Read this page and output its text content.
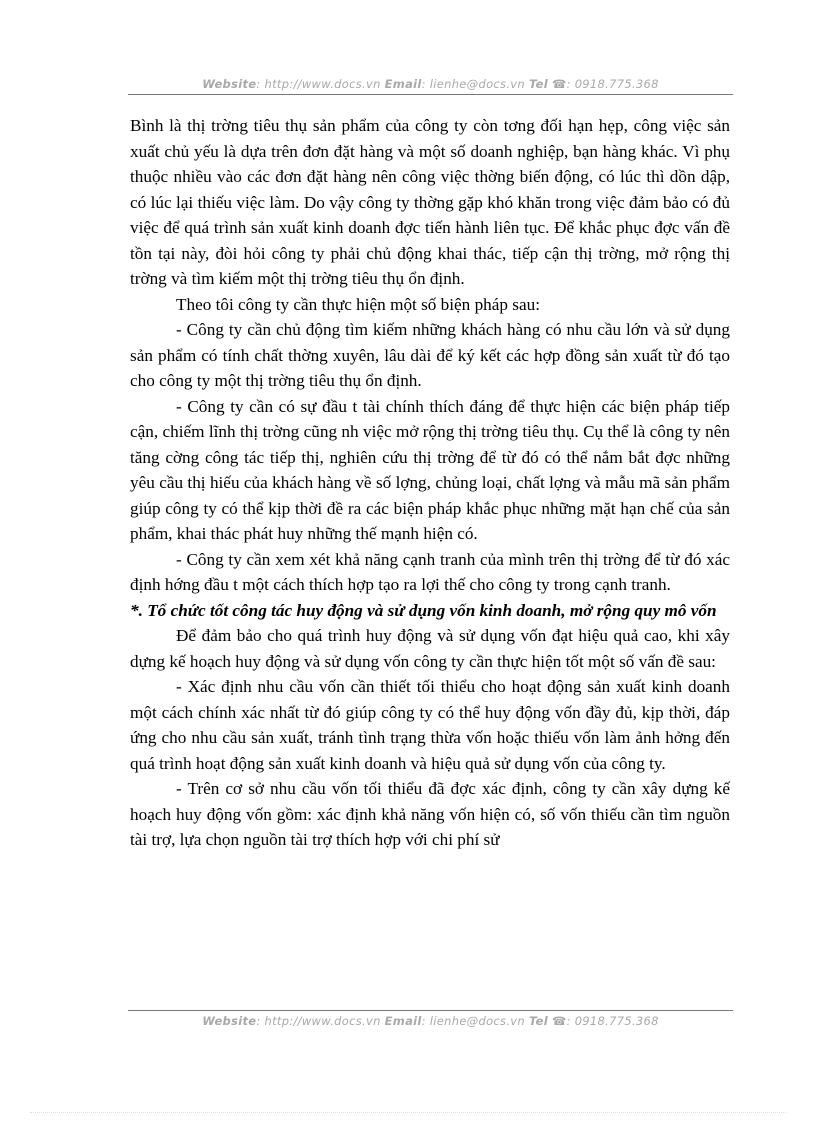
Website: http://www.docs.vn Email: lienhe@docs.vn Tel ☎: 0918.775.368

Bình là thị trờng tiêu thụ sản phẩm của công ty còn tơng đối hạn hẹp, công việc sản xuất chủ yếu là dựa trên đơn đặt hàng và một số doanh nghiệp, bạn hàng khác. Vì phụ thuộc nhiều vào các đơn đặt hàng nên công việc thờng biến động, có lúc thì dồn dập, có lúc lại thiếu việc làm. Do vậy công ty thờng gặp khó khăn trong việc đảm bảo có đủ việc để quá trình sản xuất kinh doanh đợc tiến hành liên tục. Để khắc phục đợc vấn đề tồn tại này, đòi hỏi công ty phải chủ động khai thác, tiếp cận thị trờng, mở rộng thị trờng và tìm kiếm một thị trờng tiêu thụ ổn định.

Theo tôi công ty cần thực hiện một số biện pháp sau:

- Công ty cần chủ động tìm kiếm những khách hàng có nhu cầu lớn và sử dụng sản phẩm có tính chất thờng xuyên, lâu dài để ký kết các hợp đồng sản xuất từ đó tạo cho công ty một thị trờng tiêu thụ ổn định.

- Công ty cần có sự đầu t tài chính thích đáng để thực hiện các biện pháp tiếp cận, chiếm lĩnh thị trờng cũng nh việc mở rộng thị trờng tiêu thụ. Cụ thể là công ty nên tăng cờng công tác tiếp thị, nghiên cứu thị trờng để từ đó có thể nắm bắt đợc những yêu cầu thị hiếu của khách hàng về số lợng, chủng loại, chất lợng và mẫu mã sản phẩm giúp công ty có thể kịp thời đề ra các biện pháp khắc phục những mặt hạn chế của sản phẩm, khai thác phát huy những thế mạnh hiện có.

- Công ty cần xem xét khả năng cạnh tranh của mình trên thị trờng để từ đó xác định hớng đầu t một cách thích hợp tạo ra lợi thế cho công ty trong cạnh tranh.

*. Tổ chức tốt công tác huy động và sử dụng vốn kinh doanh, mở rộng quy mô vốn

Để đảm bảo cho quá trình huy động và sử dụng vốn đạt hiệu quả cao, khi xây dựng kế hoạch huy động và sử dụng vốn công ty cần thực hiện tốt một số vấn đề sau:

- Xác định nhu cầu vốn cần thiết tối thiểu cho hoạt động sản xuất kinh doanh một cách chính xác nhất từ đó giúp công ty có thể huy động vốn đầy đủ, kịp thời, đáp ứng cho nhu cầu sản xuất, tránh tình trạng thừa vốn hoặc thiếu vốn làm ảnh hởng đến quá trình hoạt động sản xuất kinh doanh và hiệu quả sử dụng vốn của công ty.

- Trên cơ sở nhu cầu vốn tối thiểu đã đợc xác định, công ty cần xây dựng kế hoạch huy động vốn gồm: xác định khả năng vốn hiện có, số vốn thiếu cần tìm nguồn tài trợ, lựa chọn nguồn tài trợ thích hợp với chi phí sử

Website: http://www.docs.vn Email: lienhe@docs.vn Tel ☎: 0918.775.368
